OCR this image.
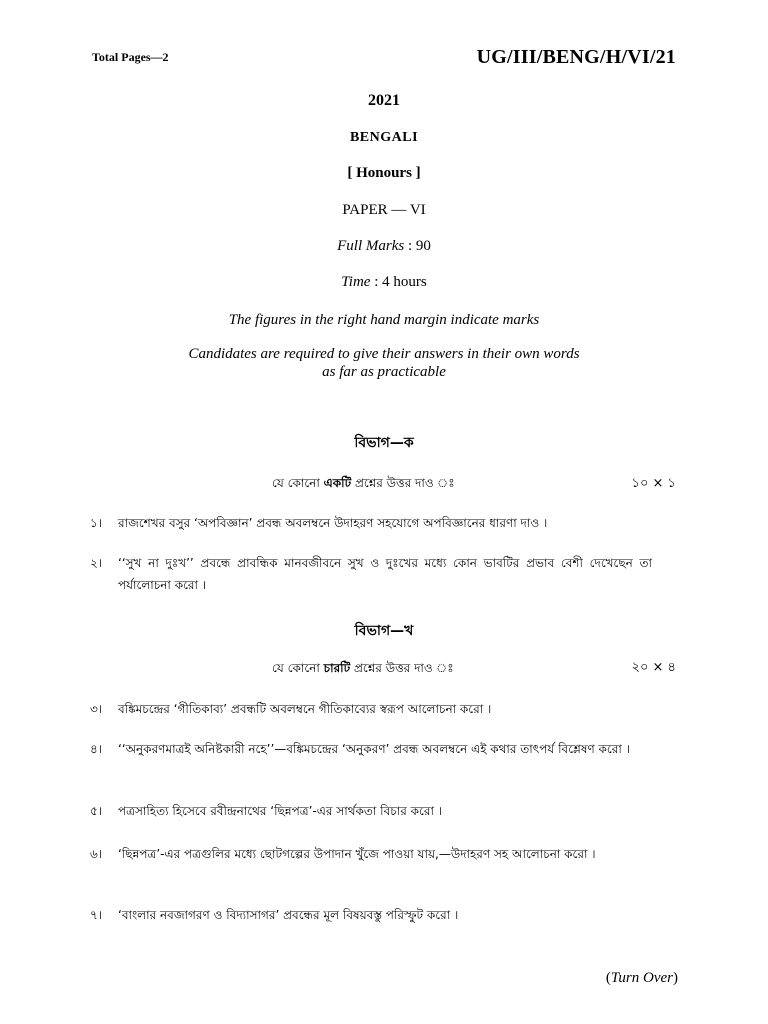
Total Pages—2	UG/III/BENG/H/VI/21
2021
BENGALI
[ Honours ]
PAPER — VI
Full Marks : 90
Time : 4 hours
The figures in the right hand margin indicate marks
Candidates are required to give their answers in their own words
as far as practicable
বিভাগ—ক
যে কোনো একটি প্রশ্নের উত্তর দাও ঃ	১০ × ১
১।	রাজশেখর বসুর ‘অপবিজ্ঞান’ প্রবন্ধ অবলম্বনে উদাহরণ সহযোগে অপবিজ্ঞানের ধারণা দাও ।
২।	‘‘সুখ না দুঃখ’’ প্রবন্ধে প্রাবন্ধিক মানবজীবনে সুখ ও দুঃখের মধ্যে কোন ভাবটির প্রভাব বেশী দেখেছেন তা পর্যালোচনা করো ।
বিভাগ—খ
যে কোনো চারটি প্রশ্নের উত্তর দাও ঃ	২০ × ৪
৩।	বঙ্কিমচন্দ্রের ‘গীতিকাব্য’ প্রবন্ধটি অবলম্বনে গীতিকাব্যের স্বরূপ আলোচনা করো ।
৪।	‘‘অনুকরণমাত্রই অনিষ্টকারী নহে’’—বঙ্কিমচন্দ্রের ‘অনুকরণ’ প্রবন্ধ অবলম্বনে এই কথার তাৎপর্য বিশ্লেষণ করো ।
৫।	পত্রসাহিত্য হিসেবে রবীন্দ্রনাথের ‘ছিন্নপত্র’-এর সার্থকতা বিচার করো ।
৬।	‘ছিন্নপত্র’-এর পত্রগুলির মধ্যে ছোটগল্পের উপাদান খুঁজে পাওয়া যায়,—উদাহরণ সহ আলোচনা করো ।
৭।	‘বাংলার নবজাগরণ ও বিদ্যাসাগর’ প্রবন্ধের মূল বিষয়বস্তু পরিস্ফুট করো ।
(Turn Over)
